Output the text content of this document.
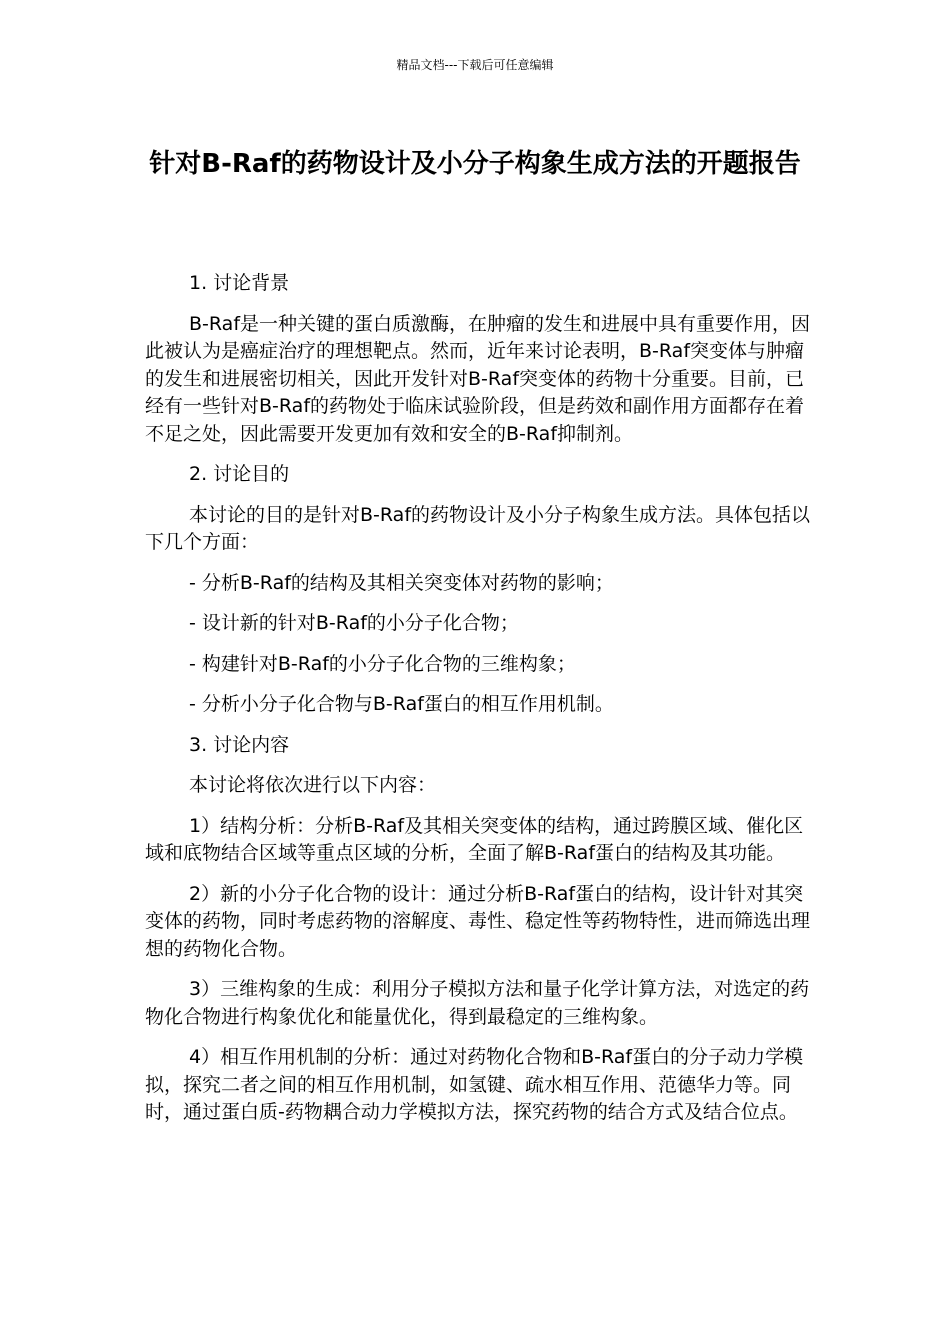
精品文档---下载后可任意编辑
针对B-Raf的药物设计及小分子构象生成方法的开题报告

1. 讨论背景

B-Raf是一种关键的蛋白质激酶，在肿瘤的发生和进展中具有重要作用，因此被认为是癌症治疗的理想靶点。然而，近年来讨论表明，B-Raf突变体与肿瘤的发生和进展密切相关，因此开发针对B-Raf突变体的药物十分重要。目前，已经有一些针对B-Raf的药物处于临床试验阶段，但是药效和副作用方面都存在着不足之处，因此需要开发更加有效和安全的B-Raf抑制剂。

2. 讨论目的

本讨论的目的是针对B-Raf的药物设计及小分子构象生成方法。具体包括以下几个方面：

- 分析B-Raf的结构及其相关突变体对药物的影响；

- 设计新的针对B-Raf的小分子化合物；

- 构建针对B-Raf的小分子化合物的三维构象；

- 分析小分子化合物与B-Raf蛋白的相互作用机制。

3. 讨论内容

本讨论将依次进行以下内容：

1）结构分析：分析B-Raf及其相关突变体的结构，通过跨膜区域、催化区域和底物结合区域等重点区域的分析，全面了解B-Raf蛋白的结构及其功能。

2）新的小分子化合物的设计：通过分析B-Raf蛋白的结构，设计针对其突变体的药物，同时考虑药物的溶解度、毒性、稳定性等药物特性，进而筛选出理想的药物化合物。

3）三维构象的生成：利用分子模拟方法和量子化学计算方法，对选定的药物化合物进行构象优化和能量优化，得到最稳定的三维构象。

4）相互作用机制的分析：通过对药物化合物和B-Raf蛋白的分子动力学模拟，探究二者之间的相互作用机制，如氢键、疏水相互作用、范德华力等。同时，通过蛋白质-药物耦合动力学模拟方法，探究药物的结合方式及结合位点。
